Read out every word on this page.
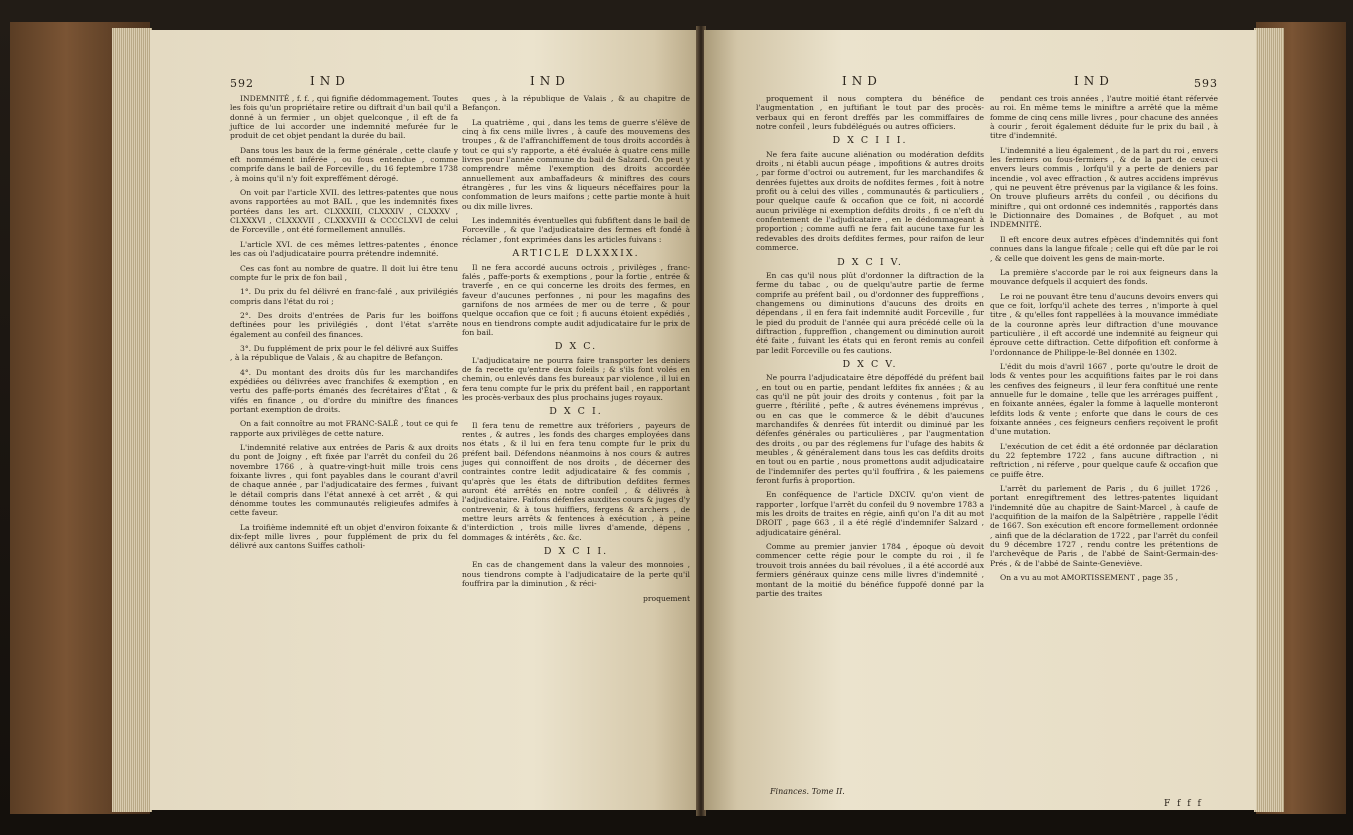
592	IND	IND

INDEMNITÉ , f. f. , qui fignifie dédommagement. Toutes les fois qu'un propriétaire retire ou diftrait d'un bail qu'il a donné à un fermier , un objet quelconque , il eft de fa juftice de lui accorder une indemnité mefurée fur le produit de cet objet pendant la durée du bail.

Dans tous les baux de la ferme générale , cette claufe y eft nommément inférée , ou fous entendue , comme comprife dans le bail de Forceville , du 16 feptembre 1738 , à moins qu'il n'y foit expreffément dérogé.

On voit par l'article XVII. des lettres-patentes que nous avons rapportées au mot BAIL , que les indemnités fixes portées dans les art. CLXXXIII, CLXXXIV , CLXXXV , CLXXXVI , CLXXXVII , CLXXXVIII & CCCCLXVI de celui de Forceville , ont été formellement annullés.

L'article XVI. de ces mêmes lettres-patentes , énonce les cas où l'adjudicataire pourra prétendre indemnité.

Ces cas font au nombre de quatre. Il doit lui être tenu compte fur le prix de fon bail ,

1°. Du prix du fel délivré en franc-falé , aux privilégiés compris dans l'état du roi ;

2°. Des droits d'entrées de Paris fur les boiffons deftinées pour les privilégiés , dont l'état s'arrête également au confeil des finances.

3°. Du fupplément de prix pour le fel délivré aux Suiffes , à la république de Valais , & au chapitre de Befançon.

4°. Du montant des droits dûs fur les marchandifes expédiées ou délivrées avec franchifes & exemption , en vertu des paffe-ports émanés des fecrétaires d'État , & vifés en finance , ou d'ordre du miniftre des finances portant exemption de droits.

On a fait connoître au mot FRANC-SALÉ , tout ce qui fe rapporte aux privilèges de cette nature.

L'indemnité relative aux entrées de Paris & aux droits du pont de Joigny , eft fixée par l'arrêt du confeil du 26 novembre 1766 , à quatre-vingt-huit mille trois cens foixante livres , qui font payables dans le courant d'avril de chaque année , par l'adjudicataire des fermes , fuivant le détail compris dans l'état annexé à cet arrêt , & qui dénomme toutes les communautés religieufes admifes à cette faveur.

La troifième indemnité eft un objet d'environ foixante & dix-fept mille livres , pour fupplément de prix du fel délivré aux cantons Suiffes catholi-

ques , à la république de Valais , & au chapitre de Befançon.

La quatrième , qui , dans les tems de guerre s'élève de cinq à fix cens mille livres , à caufe des mouvemens des troupes , & de l'affranchiffement de tous droits accordés à tout ce qui s'y rapporte, a été évaluée à quatre cens mille livres pour l'année commune du bail de Salzard. On peut y comprendre même l'exemption des droits accordée annuellement aux ambaffadeurs & miniftres des cours étrangères , fur les vins & liqueurs néceffaires pour la confommation de leurs maifons ; cette partie monte à huit ou dix mille livres.

Les indemnités éventuelles qui fubfiftent dans le bail de Forceville , & que l'adjudicataire des fermes eft fondé à réclamer , font exprimées dans les articles fuivans :

ARTICLE DLXXXIX.

Il ne fera accordé aucuns octrois , privilèges , franc-falés , paffe-ports & exemptions , pour la fortie , entrée & traverfe , en ce qui concerne les droits des fermes, en faveur d'aucunes perfonnes , ni pour les magafins des garnifons de nos armées de mer ou de terre , & pour quelque occafion que ce foit ; fi aucuns étoient expédiés , nous en tiendrons compte audit adjudicataire fur le prix de fon bail.

D X C.

L'adjudicataire ne pourra faire transporter les deniers de fa recette qu'entre deux foleils ; & s'ils font volés en chemin, ou enlevés dans fes bureaux par violence , il lui en fera tenu compte fur le prix du préfent bail , en rapportant les procès-verbaux des plus prochains juges royaux.

D X C I.

Il fera tenu de remettre aux tréforiers , payeurs de rentes , & autres , les fonds des charges employées dans nos états , & il lui en fera tenu compte fur le prix du préfent bail. Défendons néanmoins à nos cours & autres juges qui connoiffent de nos droits , de décerner des contraintes contre ledit adjudicataire & fes commis , qu'après que les états de diftribution defdites fermes auront été arrêtés en notre confeil , & délivrés à l'adjudicataire. Faifons défenfes auxdites cours & juges d'y contrevenir, & à tous huiffiers, fergens & archers , de mettre leurs arrêts & fentences à exécution , à peine d'interdiction , trois mille livres d'amende, dépens , dommages & intérêts , &c. &c.

D X C I I.

En cas de changement dans la valeur des monnoies , nous tiendrons compte à l'adjudicataire de la perte qu'il fouffrira par la diminution , & réci-

proquement
IND	IND	593

proquement il nous comptera du bénéfice de l'augmentation , en juftifiant le tout par des procès-verbaux qui en feront dreffés par les commiffaires de notre confeil , leurs fubdélégués ou autres officiers.

D X C I I I.

Ne fera faite aucune aliénation ou modération defdits droits , ni établi aucun péage , impofitions & autres droits , par forme d'octroi ou autrement, fur les marchandifes & denrées fujettes aux droits de nofdites fermes , foit à notre profit ou à celui des villes , communautés & particuliers , pour quelque caufe & occafion que ce foit, ni accordé aucun privilège ni exemption defdits droits , fi ce n'eft du confentement de l'adjudicataire , en le dédommageant à proportion ; comme auffi ne fera fait aucune taxe fur les redevables des droits defdites fermes, pour raifon de leur commerce.

D X C I V.

En cas qu'il nous plût d'ordonner la diftraction de la ferme du tabac , ou de quelqu'autre partie de ferme comprife au préfent bail , ou d'ordonner des fuppreffions , changemens ou diminutions d'aucuns des droits en dépendans , il en fera fait indemnité audit Forceville , fur le pied du produit de l'année qui aura précédé celle où la diftraction , fuppreffion , changement ou diminution auroit été faite , fuivant les états qui en feront remis au confeil par ledit Forceville ou fes cautions.

D X C V.

Ne pourra l'adjudicataire être dépoffédé du préfent bail , en tout ou en partie, pendant lefdites fix années ; & au cas qu'il ne pût jouir des droits y contenus , foit par la guerre , ftérilité , pefte , & autres événemens imprévus , ou en cas que le commerce & le débit d'aucunes marchandifes & denrées fût interdit ou diminué par les défenfes générales ou particulières , par l'augmentation des droits , ou par des réglemens fur l'ufage des habits & meubles , & généralement dans tous les cas defdits droits en tout ou en partie , nous promettons audit adjudicataire de l'indemnifer des pertes qu'il fouffrira , & les paiemens feront furfis à proportion.

En conféquence de l'article DXCIV. qu'on vient de rapporter , lorfque l'arrêt du confeil du 9 novembre 1783 a mis les droits de traites en régie, ainfi qu'on l'a dit au mot DROIT , page 663 , il a été réglé d'indemnifer Salzard , adjudicataire général.

Comme au premier janvier 1784 , époque où devoit commencer cette régie pour le compte du roi , il fe trouvoit trois années du bail révolues , il a été accordé aux fermiers généraux quinze cens mille livres d'indemnité , montant de la moitié du bénéfice fuppofé donné par la partie des traites

pendant ces trois années , l'autre moitié étant réfervée au roi. En même tems le miniftre a arrêté que la même fomme de cinq cens mille livres , pour chacune des années à courir , feroit également déduite fur le prix du bail , à titre d'indemnité.

L'indemnité a lieu également , de la part du roi , envers les fermiers ou fous-fermiers , & de la part de ceux-ci envers leurs commis , lorfqu'il y a perte de deniers par incendie , vol avec effraction , & autres accidens imprévus , qui ne peuvent être prévenus par la vigilance & les foins. On trouve plufieurs arrêts du confeil , ou décifions du miniftre , qui ont ordonné ces indemnités , rapportés dans le Dictionnaire des Domaines , de Bofquet , au mot INDEMNITÉ.

Il eft encore deux autres efpèces d'indemnités qui font connues dans la langue fifcale ; celle qui eft dûe par le roi , & celle que doivent les gens de main-morte.

La première s'accorde par le roi aux feigneurs dans la mouvance defquels il acquiert des fonds.

Le roi ne pouvant être tenu d'aucuns devoirs envers qui que ce foit, lorfqu'il achete des terres , n'importe à quel titre , & qu'elles font rappellées à la mouvance immédiate de la couronne après leur diftraction d'une mouvance particulière , il eft accordé une indemnité au feigneur qui éprouve cette diftraction. Cette difpofition eft conforme à l'ordonnance de Philippe-le-Bel donnée en 1302.

L'édit du mois d'avril 1667 , porte qu'outre le droit de lods & ventes pour les acquifitions faites par le roi dans les cenfives des feigneurs , il leur fera conftitué une rente annuelle fur le domaine , telle que les arrérages puiffent , en foixante années, égaler la fomme à laquelle monteront lefdits lods & vente ; enforte que dans le cours de ces foixante années , ces feigneurs cenfiers reçoivent le profit d'une mutation.

L'exécution de cet édit a été ordonnée par déclaration du 22 feptembre 1722 , fans aucune diftraction , ni reftriction , ni réferve , pour quelque caufe & occafion que ce puiffe être.

L'arrêt du parlement de Paris , du 6 juillet 1726 , portant enregiftrement des lettres-patentes liquidant l'indemnité dûe au chapitre de Saint-Marcel , à caufe de l'acquifition de la maifon de la Salpêtrière , rappelle l'édit de 1667. Son exécution eft encore formellement ordonnée , ainfi que de la déclaration de 1722 , par l'arrêt du confeil du 9 décembre 1727 , rendu contre les prétentions de l'archevêque de Paris , de l'abbé de Saint-Germain-des-Prés , & de l'abbé de Sainte-Geneviève.

On a vu au mot AMORTISSEMENT , page 35 ,

Finances. Tome II.
F f f f
